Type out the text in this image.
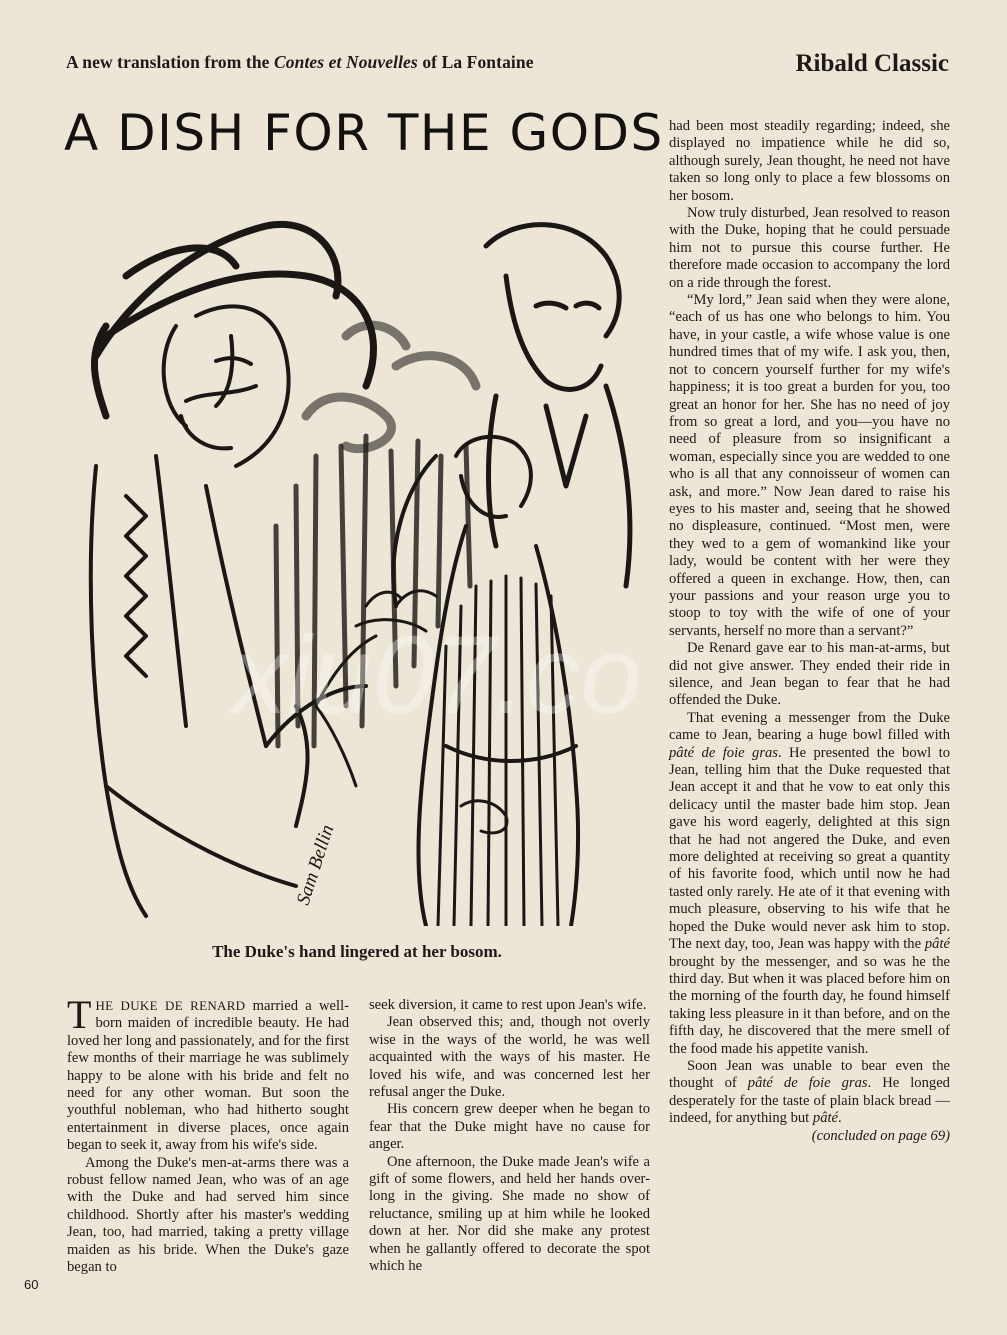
A new translation from the Contes et Nouvelles of La Fontaine	Ribald Classic
A DISH FOR THE GODS
Sam Bellin
The Duke's hand lingered at her bosom.
xiu07.co

THE DUKE DE RENARD married a well-born maiden of incredible beauty. He had loved her long and passionately, and for the first few months of their marriage he was sublimely happy to be alone with his bride and felt no need for any other woman. But soon the youthful nobleman, who had hitherto sought entertainment in diverse places, once again began to seek it, away from his wife's side.

Among the Duke's men-at-arms there was a robust fellow named Jean, who was of an age with the Duke and had served him since childhood. Shortly after his master's wedding Jean, too, had married, taking a pretty village maiden as his bride. When the Duke's gaze began to

seek diversion, it came to rest upon Jean's wife.

Jean observed this; and, though not overly wise in the ways of the world, he was well acquainted with the ways of his master. He loved his wife, and was concerned lest her refusal anger the Duke.

His concern grew deeper when he began to fear that the Duke might have no cause for anger.

One afternoon, the Duke made Jean's wife a gift of some flowers, and held her hands over-long in the giving. She made no show of reluctance, smiling up at him while he looked down at her. Nor did she make any protest when he gallantly offered to decorate the spot which he

had been most steadily regarding; indeed, she displayed no impatience while he did so, although surely, Jean thought, he need not have taken so long only to place a few blossoms on her bosom.

Now truly disturbed, Jean resolved to reason with the Duke, hoping that he could persuade him not to pursue this course further. He therefore made occasion to accompany the lord on a ride through the forest.

“My lord,” Jean said when they were alone, “each of us has one who belongs to him. You have, in your castle, a wife whose value is one hundred times that of my wife. I ask you, then, not to concern yourself further for my wife's happiness; it is too great a burden for you, too great an honor for her. She has no need of joy from so great a lord, and you—you have no need of pleasure from so insignificant a woman, especially since you are wedded to one who is all that any connoisseur of women can ask, and more.” Now Jean dared to raise his eyes to his master and, seeing that he showed no displeasure, continued. “Most men, were they wed to a gem of womankind like your lady, would be content with her were they offered a queen in exchange. How, then, can your passions and your reason urge you to stoop to toy with the wife of one of your servants, herself no more than a servant?”

De Renard gave ear to his man-at-arms, but did not give answer. They ended their ride in silence, and Jean began to fear that he had offended the Duke.

That evening a messenger from the Duke came to Jean, bearing a huge bowl filled with pâté de foie gras. He presented the bowl to Jean, telling him that the Duke requested that Jean accept it and that he vow to eat only this delicacy until the master bade him stop. Jean gave his word eagerly, delighted at this sign that he had not angered the Duke, and even more delighted at receiving so great a quantity of his favorite food, which until now he had tasted only rarely. He ate of it that evening with much pleasure, observing to his wife that he hoped the Duke would never ask him to stop. The next day, too, Jean was happy with the pâté brought by the messenger, and so was he the third day. But when it was placed before him on the morning of the fourth day, he found himself taking less pleasure in it than before, and on the fifth day, he discovered that the mere smell of the food made his appetite vanish.

Soon Jean was unable to bear even the thought of pâté de foie gras. He longed desperately for the taste of plain black bread — indeed, for anything but pâté.

(concluded on page 69)

60
